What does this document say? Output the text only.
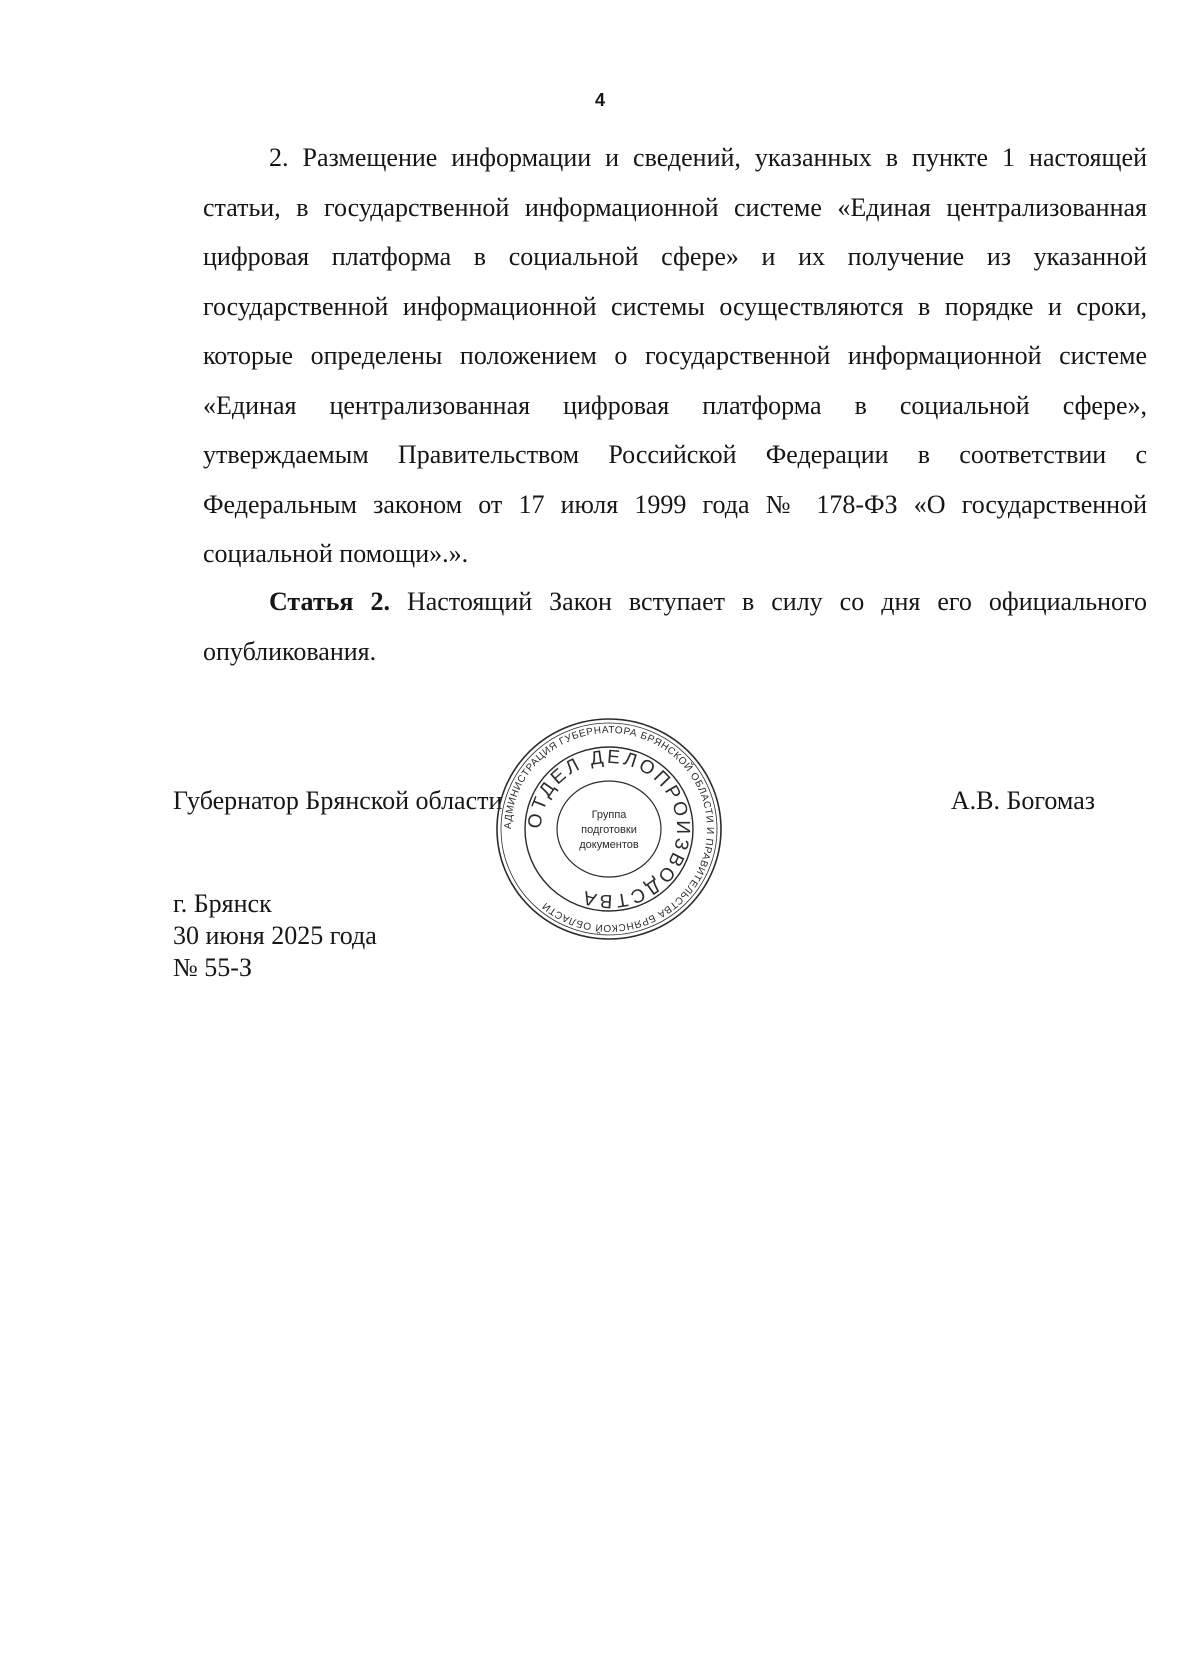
4
2. Размещение информации и сведений, указанных в пункте 1 настоящей статьи, в государственной информационной системе «Единая централизованная цифровая платформа в социальной сфере» и их получение из указанной государственной информационной системы осуществляются в порядке и сроки, которые определены положением о государственной информационной системе «Единая централизованная цифровая платформа в социальной сфере», утверждаемым Правительством Российской Федерации в соответствии с Федеральным законом от 17 июля 1999 года № 178-ФЗ «О государственной социальной помощи».».
Статья 2. Настоящий Закон вступает в силу со дня его официального опубликования.
Губернатор Брянской области	А.В. Богомаз
АДМИНИСТРАЦИЯ ГУБЕРНАТОРА БРЯНСКОЙ ОБЛАСТИ И ПРАВИТЕЛЬСТВА БРЯНСКОЙ ОБЛАСТИ
ОТДЕЛ ДЕЛОПРОИЗВОДСТВА
Группа
подготовки
документов
г. Брянск
30 июня 2025 года
№ 55-З
